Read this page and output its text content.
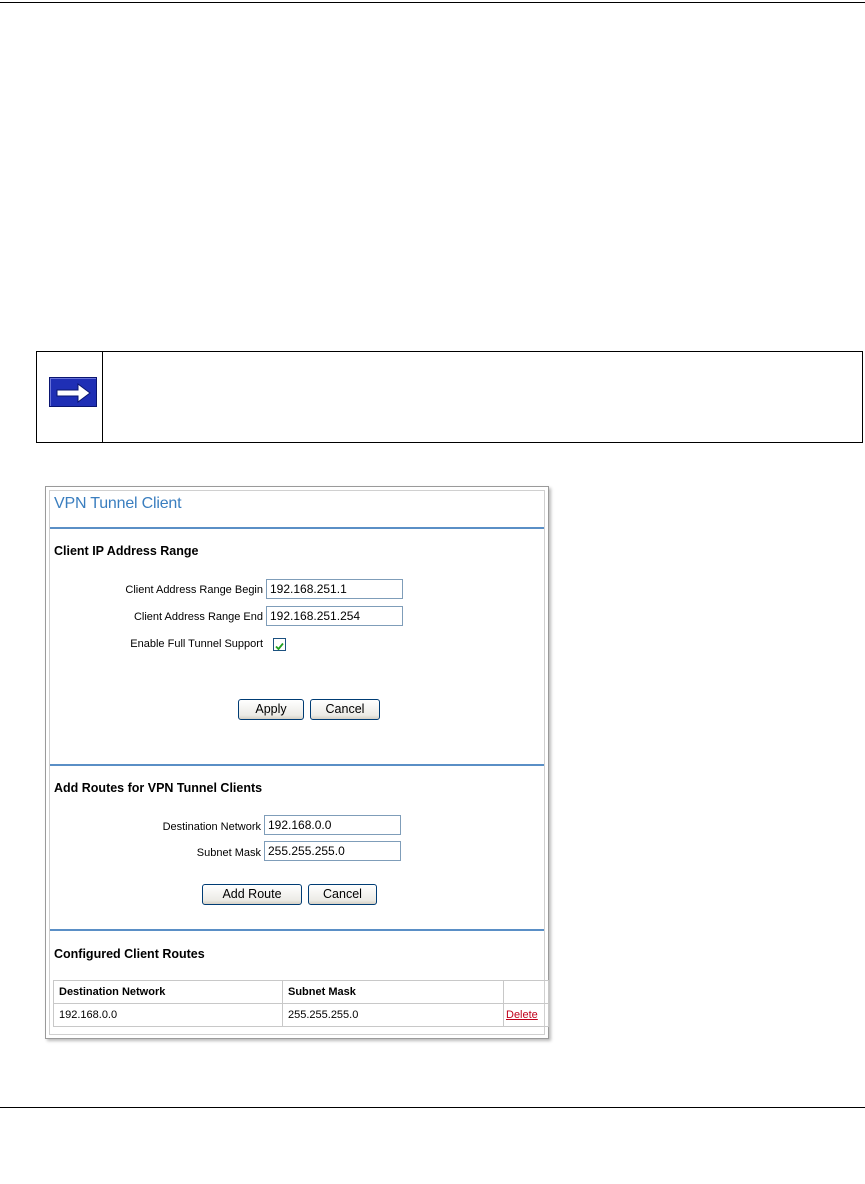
VPN Tunnel Client
Client IP Address Range
Client Address Range Begin
192.168.251.1
Client Address Range End
192.168.251.254
Enable Full Tunnel Support
Apply	Cancel
Add Routes for VPN Tunnel Clients
Destination Network
192.168.0.0
Subnet Mask
255.255.255.0
Add Route	Cancel
Configured Client Routes
Destination Network	Subnet Mask	
192.168.0.0	255.255.255.0	Delete
